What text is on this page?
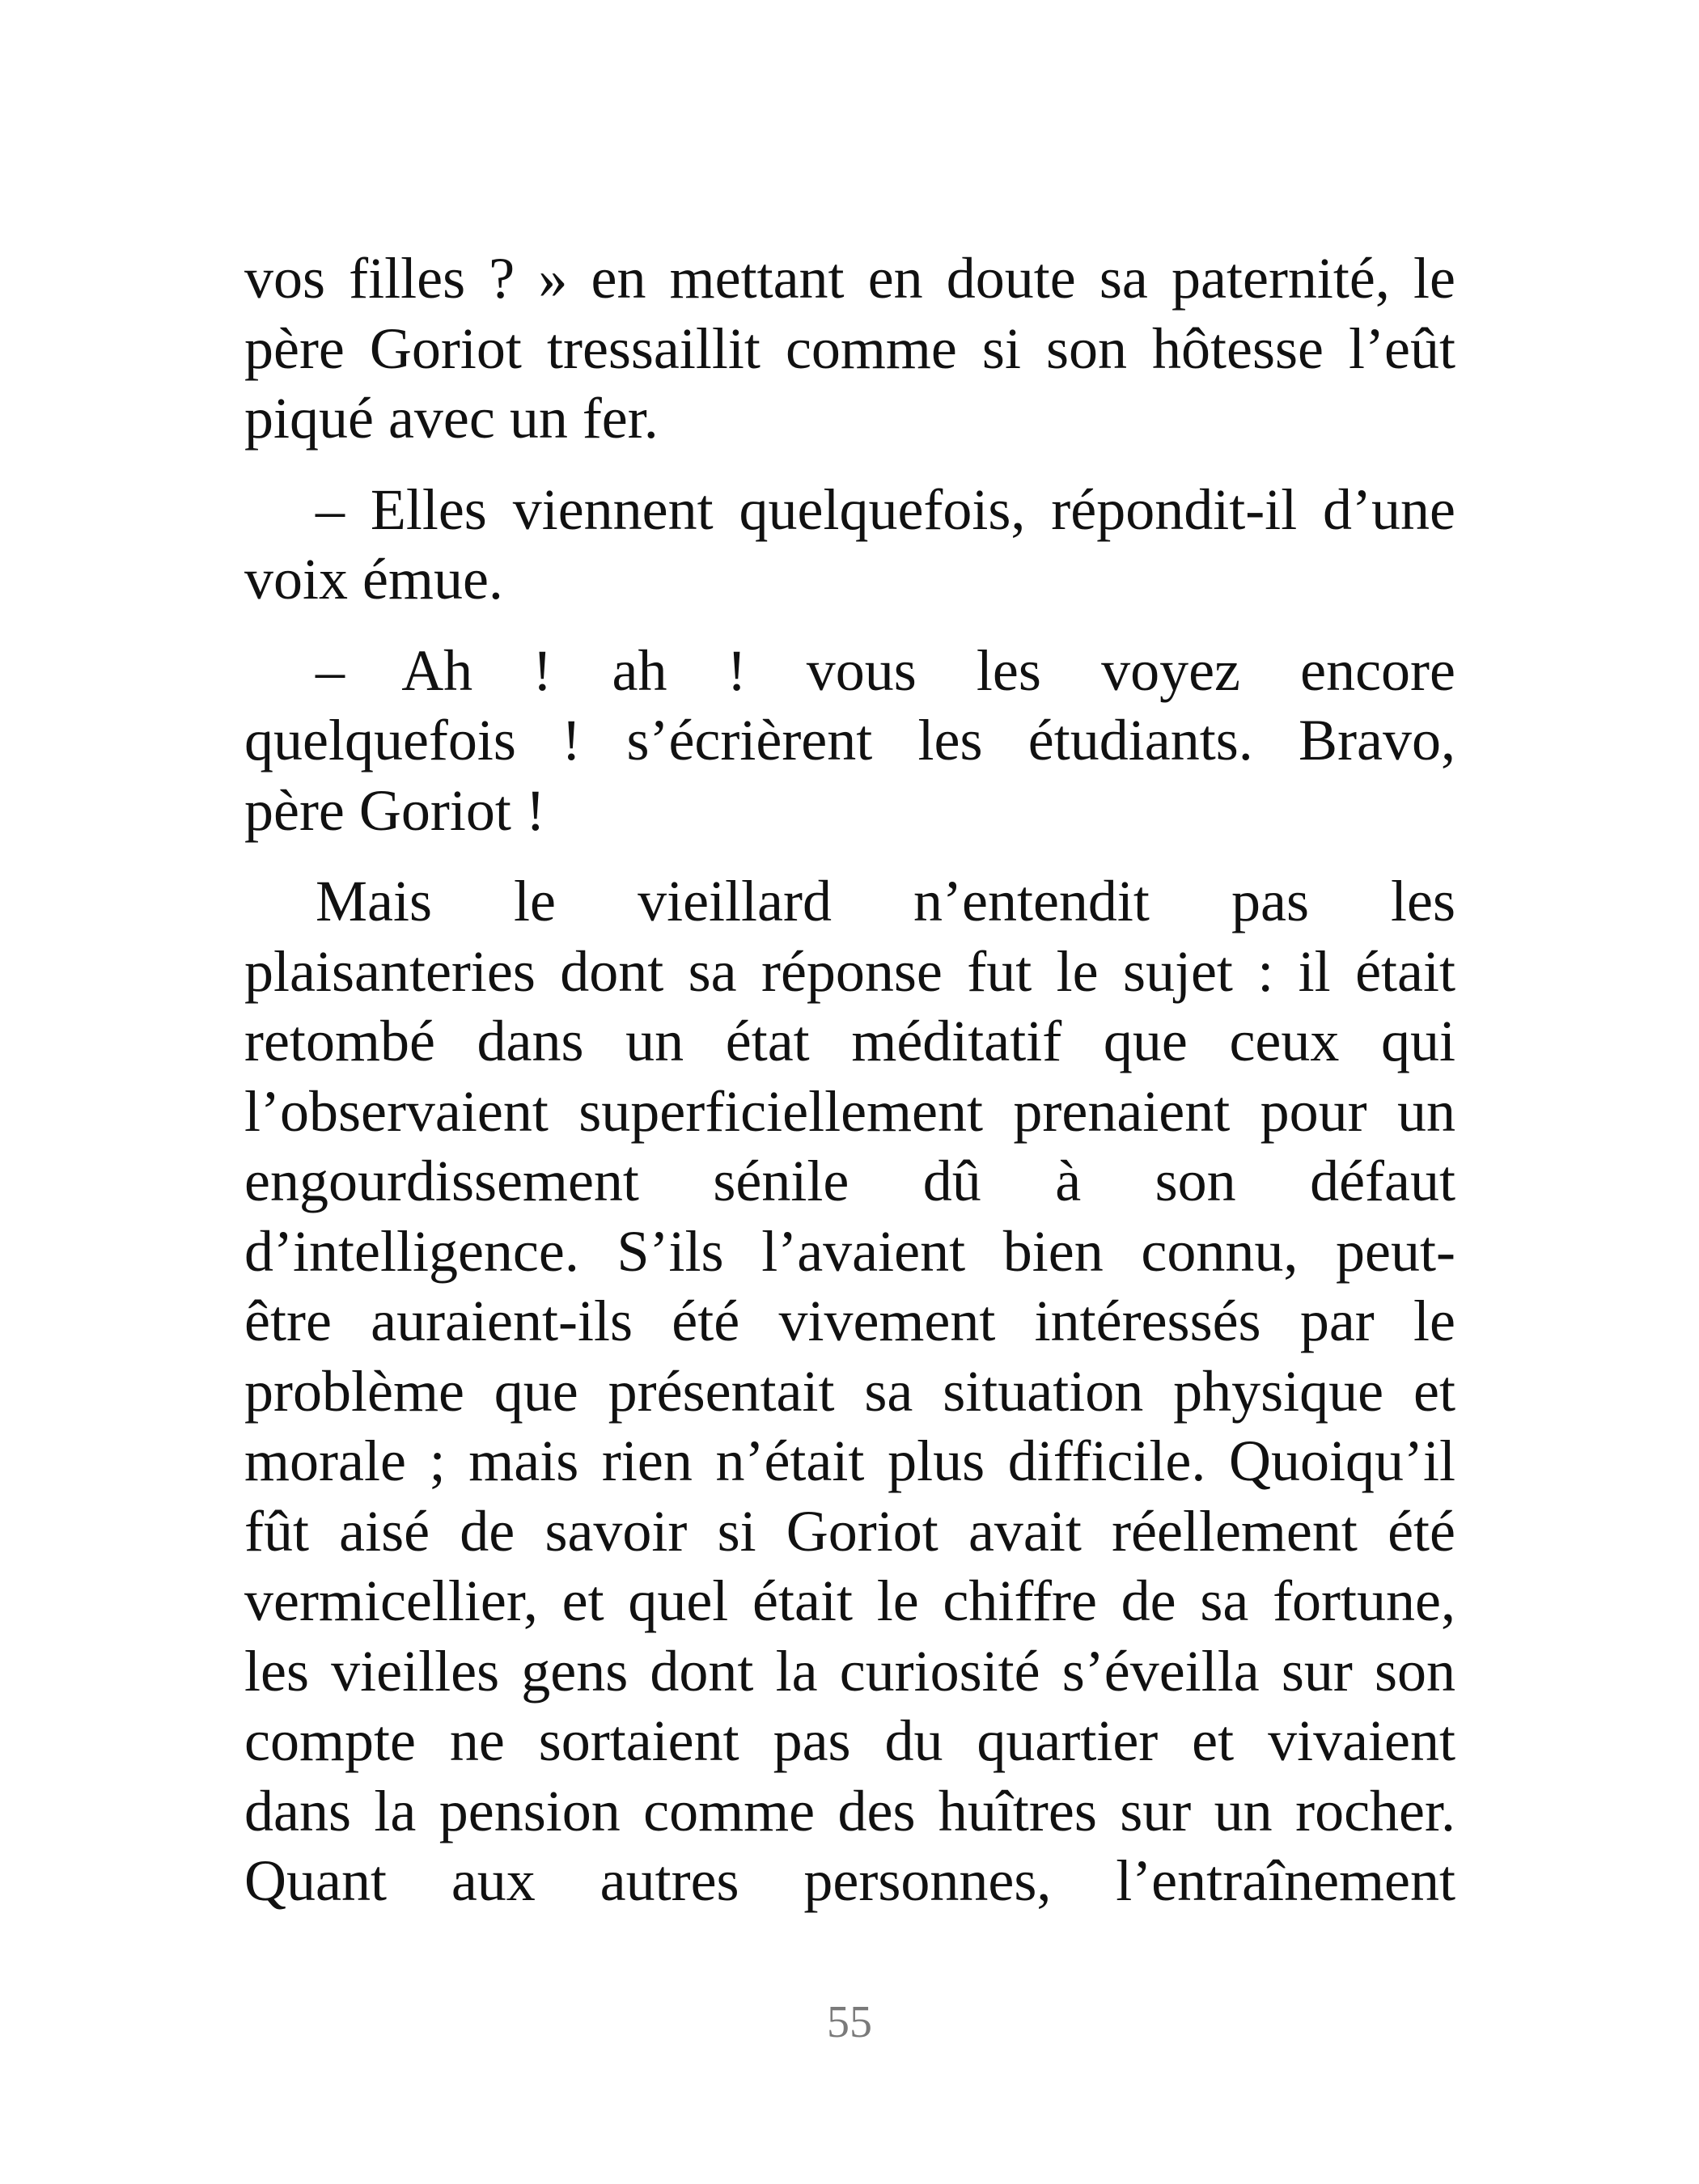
vos filles ? » en mettant en doute sa paternité, le
père Goriot tressaillit comme si son hôtesse l’eût
piqué avec un fer.
– Elles viennent quelquefois, répondit-il d’une
voix émue.
– Ah ! ah ! vous les voyez encore
quelquefois ! s’écrièrent les étudiants. Bravo,
père Goriot !
Mais le vieillard n’entendit pas les
plaisanteries dont sa réponse fut le sujet : il était
retombé dans un état méditatif que ceux qui
l’observaient superficiellement prenaient pour un
engourdissement sénile dû à son défaut
d’intelligence. S’ils l’avaient bien connu, peut-
être auraient-ils été vivement intéressés par le
problème que présentait sa situation physique et
morale ; mais rien n’était plus difficile. Quoiqu’il
fût aisé de savoir si Goriot avait réellement été
vermicellier, et quel était le chiffre de sa fortune,
les vieilles gens dont la curiosité s’éveilla sur son
compte ne sortaient pas du quartier et vivaient
dans la pension comme des huîtres sur un rocher.
Quant aux autres personnes, l’entraînement
55
